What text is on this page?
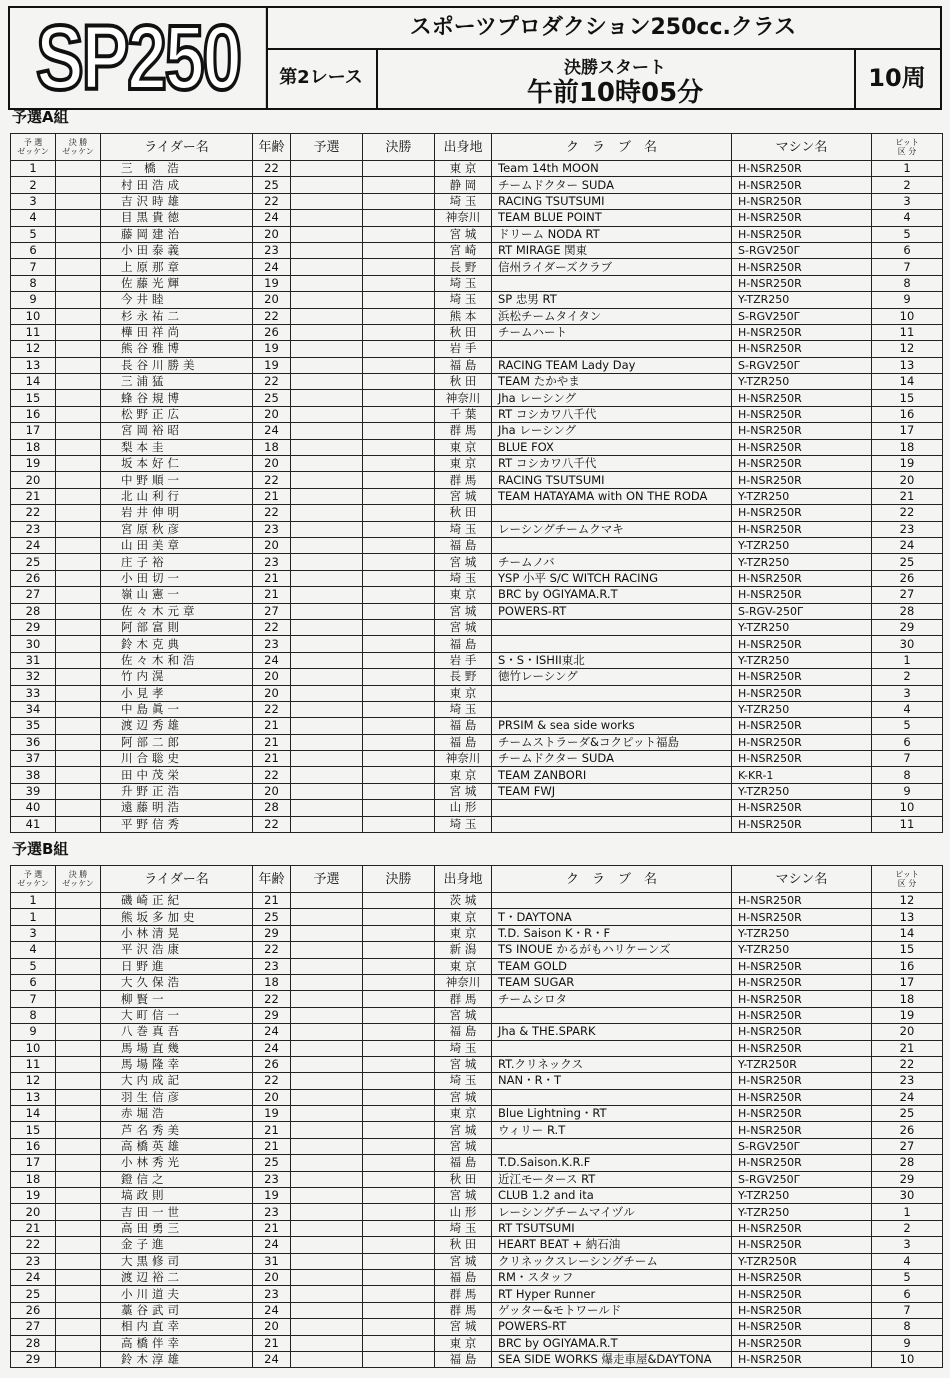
SP250	スポーツプロダクション250cc.クラス
第2レース	決勝スタート
午前10時05分	10周
予選A組
予 選
ゼッケン	決 勝
ゼッケン	ライダー名	年齢	予選	決勝	出身地	ク　ラ　ブ　名	マシン名	ピット
区 分
1		三 橋 浩	22			東 京	Team 14th MOON	H-NSR250R	1
2		村田浩成	25			静 岡	チームドクター SUDA	H-NSR250R	2
3		吉沢時雄	22			埼 玉	RACING TSUTSUMI	H-NSR250R	3
4		目黒貴徳	24			神奈川	TEAM BLUE POINT	H-NSR250R	4
5		藤岡建治	20			宮 城	ドリーム NODA RT	H-NSR250R	5
6		小田泰義	23			宮 崎	RT MIRAGE 関東	S-RGV250Γ	6
7		上原那章	24			長 野	信州ライダーズクラブ	H-NSR250R	7
8		佐藤光輝	19			埼 玉		H-NSR250R	8
9		今井睦	20			埼 玉	SP 忠男 RT	Y-TZR250	9
10		杉永祐二	22			熊 本	浜松チームタイタン	S-RGV250Γ	10
11		樺田祥尚	26			秋 田	チームハート	H-NSR250R	11
12		熊谷雅博	19			岩 手		H-NSR250R	12
13		長谷川勝美	19			福 島	RACING TEAM Lady Day	S-RGV250Γ	13
14		三浦猛	22			秋 田	TEAM たかやま	Y-TZR250	14
15		蜂谷規博	25			神奈川	Jha レーシング	H-NSR250R	15
16		松野正広	20			千 葉	RT コシカワ八千代	H-NSR250R	16
17		宮岡裕昭	24			群 馬	Jha レーシング	H-NSR250R	17
18		梨本圭	18			東 京	BLUE FOX	H-NSR250R	18
19		坂本好仁	20			東 京	RT コシカワ八千代	H-NSR250R	19
20		中野順一	22			群 馬	RACING TSUTSUMI	H-NSR250R	20
21		北山利行	21			宮 城	TEAM HATAYAMA with ON THE RODA	Y-TZR250	21
22		岩井伸明	22			秋 田		H-NSR250R	22
23		宮原秋彦	23			埼 玉	レーシングチームクマキ	H-NSR250R	23
24		山田美章	20			福 島		Y-TZR250	24
25		庄子裕	23			宮 城	チームノバ	Y-TZR250	25
26		小田切一	21			埼 玉	YSP 小平 S/C WITCH RACING	H-NSR250R	26
27		嶺山憲一	21			東 京	BRC by OGIYAMA.R.T	H-NSR250R	27
28		佐々木元章	27			宮 城	POWERS-RT	S-RGV-250Γ	28
29		阿部富則	22			宮 城		Y-TZR250	29
30		鈴木克典	23			福 島		H-NSR250R	30
31		佐々木和浩	24			岩 手	S・S・ISHII東北	Y-TZR250	1
32		竹内滉	20			長 野	徳竹レーシング	H-NSR250R	2
33		小見孝	20			東 京		H-NSR250R	3
34		中島眞一	22			埼 玉		Y-TZR250	4
35		渡辺秀雄	21			福 島	PRSIM & sea side works	H-NSR250R	5
36		阿部二郎	21			福 島	チームストラーダ&コクピット福島	H-NSR250R	6
37		川合聡史	21			神奈川	チームドクター SUDA	H-NSR250R	7
38		田中茂栄	22			東 京	TEAM ZANBORI	K-KR-1	8
39		升野正浩	20			宮 城	TEAM FWJ	Y-TZR250	9
40		遠藤明浩	28			山 形		H-NSR250R	10
41		平野信秀	22			埼 玉		H-NSR250R	11
予選B組
予 選
ゼッケン	決 勝
ゼッケン	ライダー名	年齢	予選	決勝	出身地	ク　ラ　ブ　名	マシン名	ピット
区 分
1		磯崎正紀	21			茨 城		H-NSR250R	12
1		熊坂多加史	25			東 京	T・DAYTONA	H-NSR250R	13
3		小林清晃	29			東 京	T.D. Saison K・R・F	Y-TZR250	14
4		平沢浩康	22			新 潟	TS INOUE かるがもハリケーンズ	Y-TZR250	15
5		日野進	23			東 京	TEAM GOLD	H-NSR250R	16
6		大久保浩	18			神奈川	TEAM SUGAR	H-NSR250R	17
7		柳賢一	22			群 馬	チームシロタ	H-NSR250R	18
8		大町信一	29			宮 城		H-NSR250R	19
9		八巻真吾	24			福 島	Jha & THE.SPARK	H-NSR250R	20
10		馬場直幾	24			埼 玉		H-NSR250R	21
11		馬場隆幸	26			宮 城	RT.クリネックス	Y-TZR250R	22
12		大内成記	22			埼 玉	NAN・R・T	H-NSR250R	23
13		羽生信彦	20			宮 城		H-NSR250R	24
14		赤堀浩	19			東 京	Blue Lightning・RT	H-NSR250R	25
15		芦名秀美	21			宮 城	ウィリー R.T	H-NSR250R	26
16		高橋英雄	21			宮 城		S-RGV250Γ	27
17		小林秀光	25			福 島	T.D.Saison.K.R.F	H-NSR250R	28
18		鐙信之	23			秋 田	近江モータース RT	S-RGV250Γ	29
19		塙政則	19			宮 城	CLUB 1.2 and ita	Y-TZR250	30
20		吉田一世	23			山 形	レーシングチームマイヅル	Y-TZR250	1
21		高田勇三	21			埼 玉	RT TSUTSUMI	H-NSR250R	2
22		金子進	24			秋 田	HEART BEAT + 納石油	H-NSR250R	3
23		大黒修司	31			宮 城	クリネックスレーシングチーム	Y-TZR250R	4
24		渡辺裕二	20			福 島	RM・スタッフ	H-NSR250R	5
25		小川道夫	23			群 馬	RT Hyper Runner	H-NSR250R	6
26		藁谷武司	24			群 馬	ゲッター&モトワールド	H-NSR250R	7
27		相内直幸	20			宮 城	POWERS-RT	H-NSR250R	8
28		高橋伴幸	21			東 京	BRC by OGIYAMA.R.T	H-NSR250R	9
29		鈴木淳雄	24			福 島	SEA SIDE WORKS 爆走車屋&DAYTONA	H-NSR250R	10
